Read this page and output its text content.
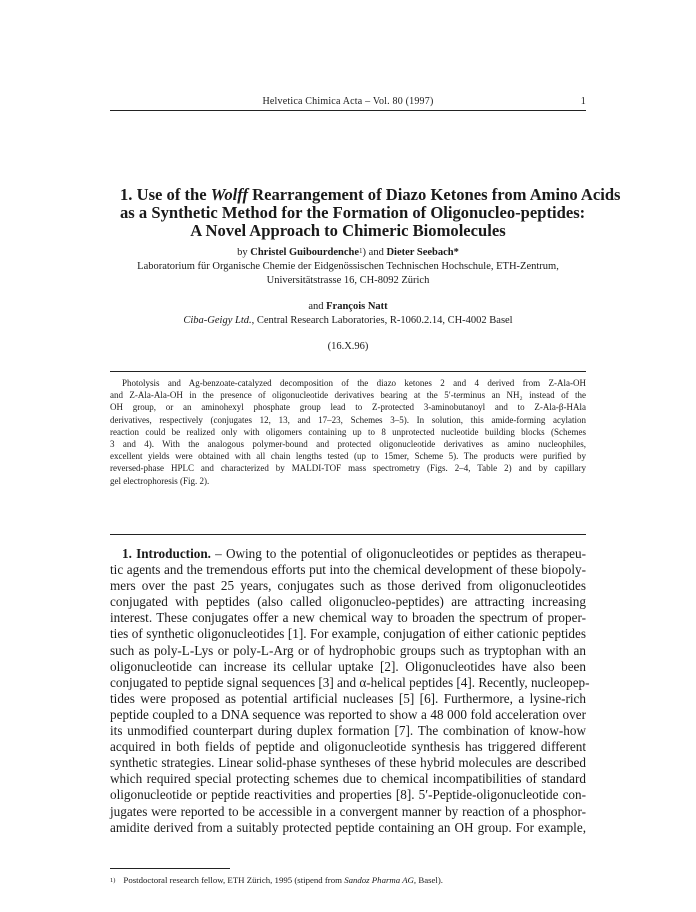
Helvetica Chimica Acta – Vol. 80 (1997)	1
1. Use of the Wolff Rearrangement of Diazo Ketones from Amino Acids
as a Synthetic Method for the Formation of Oligonucleo-peptides:
A Novel Approach to Chimeric Biomolecules
by Christel Guibourdenche$^1$) and Dieter Seebach*
Laboratorium für Organische Chemie der Eidgenössischen Technischen Hochschule, ETH-Zentrum,
Universitätstrasse 16, CH-8092 Zürich
and François Natt
Ciba-Geigy Ltd., Central Research Laboratories, R-1060.2.14, CH-4002 Basel
(16.X.96)
Photolysis and Ag-benzoate-catalyzed decomposition of the diazo ketones 2 and 4 derived from Z-Ala-OH
and Z-Ala-Ala-OH in the presence of oligonucleotide derivatives bearing at the 5′-terminus an NH₂ instead of the
OH group, or an aminohexyl phosphate group lead to Z-protected 3-aminobutanoyl and to Z-Ala-β-HAla
derivatives, respectively (conjugates 12, 13, and 17–23, Schemes 3–5). In solution, this amide-forming acylation
reaction could be realized only with oligomers containing up to 8 unprotected nucleotide building blocks (Schemes
3 and 4). With the analogous polymer-bound and protected oligonucleotide derivatives as amino nucleophiles,
excellent yields were obtained with all chain lengths tested (up to 15mer, Scheme 5). The products were purified by
reversed-phase HPLC and characterized by MALDI-TOF mass spectrometry (Figs. 2–4, Table 2) and by capillary
gel electrophoresis (Fig. 2).
1. Introduction. – Owing to the potential of oligonucleotides or peptides as therapeu-
tic agents and the tremendous efforts put into the chemical development of these biopoly-
mers over the past 25 years, conjugates such as those derived from oligonucleotides
conjugated with peptides (also called oligonucleo-peptides) are attracting increasing
interest. These conjugates offer a new chemical way to broaden the spectrum of proper-
ties of synthetic oligonucleotides [1]. For example, conjugation of either cationic peptides
such as poly-L-Lys or poly-L-Arg or of hydrophobic groups such as tryptophan with an
oligonucleotide can increase its cellular uptake [2]. Oligonucleotides have also been
conjugated to peptide signal sequences [3] and α-helical peptides [4]. Recently, nucleopep-
tides were proposed as potential artificial nucleases [5] [6]. Furthermore, a lysine-rich
peptide coupled to a DNA sequence was reported to show a 48 000 fold acceleration over
its unmodified counterpart during duplex formation [7]. The combination of know-how
acquired in both fields of peptide and oligonucleotide synthesis has triggered different
synthetic strategies. Linear solid-phase syntheses of these hybrid molecules are described
which required special protecting schemes due to chemical incompatibilities of standard
oligonucleotide or peptide reactivities and properties [8]. 5′-Peptide-oligonucleotide con-
jugates were reported to be accessible in a convergent manner by reaction of a phosphor-
amidite derived from a suitably protected peptide containing an OH group. For example,
$^{1)}$ Postdoctoral research fellow, ETH Zürich, 1995 (stipend from Sandoz Pharma AG, Basel).
